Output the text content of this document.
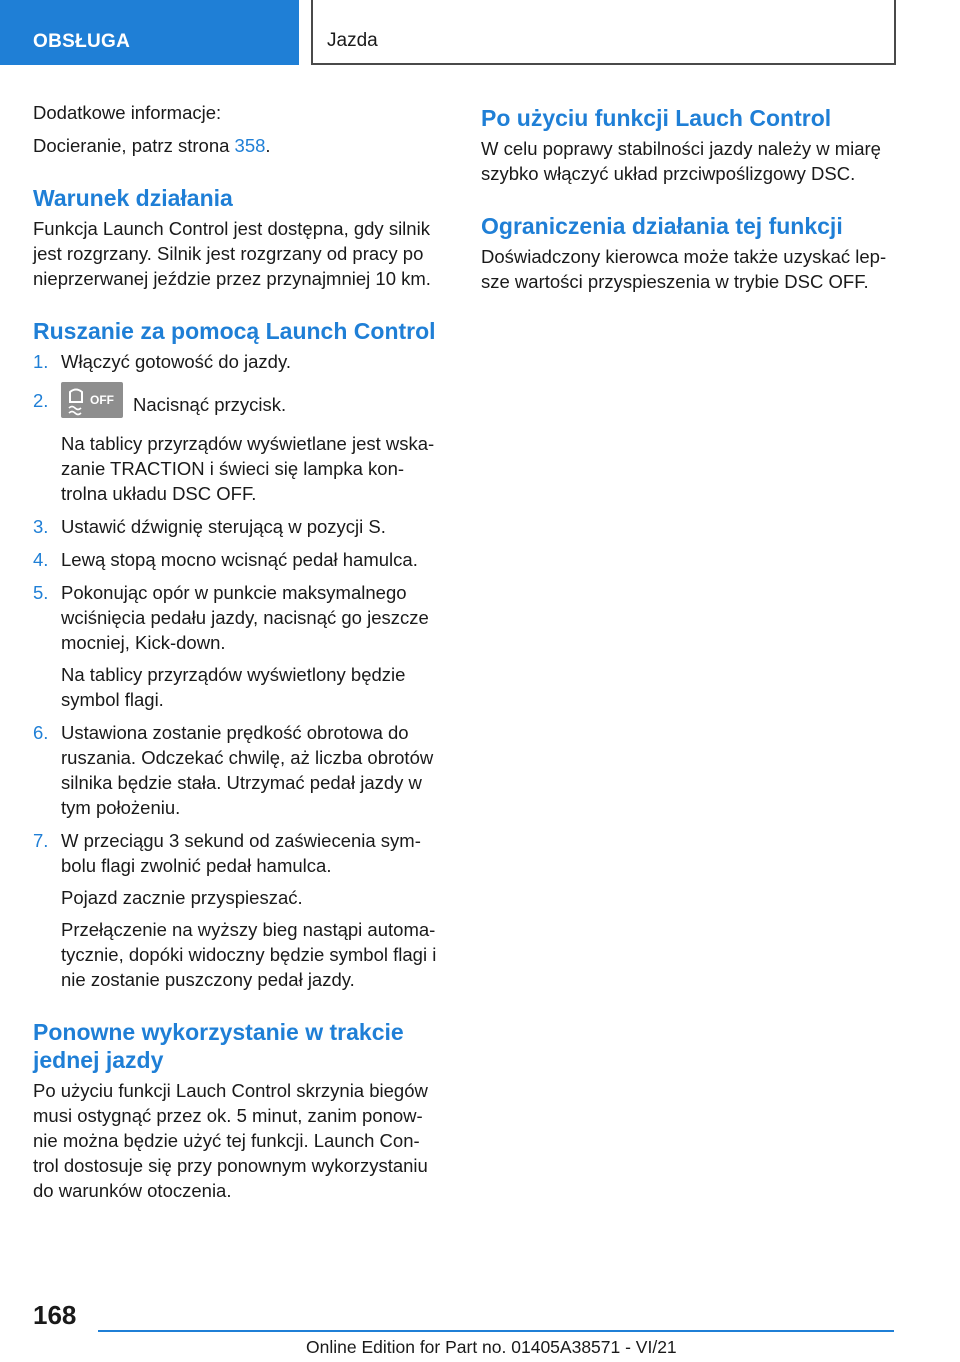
OBSŁUGA	Jazda

Dodatkowe informacje:

Docieranie, patrz strona 358.

Warunek działania

Funkcja Launch Control jest dostępna, gdy silnik jest rozgrzany. Silnik jest rozgrzany od pracy po nieprzerwanej jeździe przez przynajmniej 10 km.

Ruszanie za pomocą Launch Control
1. Włączyć gotowość do jazdy.

2.	OFF Nacisnąć przycisk.

Na tablicy przyrządów wyświetlane jest wska-zanie TRACTION i świeci się lampka kon-trolna układu DSC OFF.

3. Ustawić dźwignię sterującą w pozycji S.

4. Lewą stopą mocno wcisnąć pedał hamulca.

5. Pokonując opór w punkcie maksymalnego wciśnięcia pedału jazdy, nacisnąć go jeszcze mocniej, Kick-down.

Na tablicy przyrządów wyświetlony będzie symbol flagi.

6. Ustawiona zostanie prędkość obrotowa do ruszania. Odczekać chwilę, aż liczba obrotów silnika będzie stała. Utrzymać pedał jazdy w tym położeniu.

7. W przeciągu 3 sekund od zaświecenia sym-bolu flagi zwolnić pedał hamulca.

Pojazd zacznie przyspieszać.

Przełączenie na wyższy bieg nastąpi automa-tycznie, dopóki widoczny będzie symbol flagi i nie zostanie puszczony pedał jazdy.

Ponowne wykorzystanie w trakcie jednej jazdy

Po użyciu funkcji Lauch Control skrzynia biegów musi ostygnąć przez ok. 5 minut, zanim ponow-nie można będzie użyć tej funkcji. Launch Con-trol dostosuje się przy ponownym wykorzystaniu do warunków otoczenia.

Po użyciu funkcji Lauch Control

W celu poprawy stabilności jazdy należy w miarę szybko włączyć układ przciwpoślizgowy DSC.

Ograniczenia działania tej funkcji

Doświadczony kierowca może także uzyskać lep-sze wartości przyspieszenia w trybie DSC OFF.

168
Online Edition for Part no. 01405A38571 - VI/21
